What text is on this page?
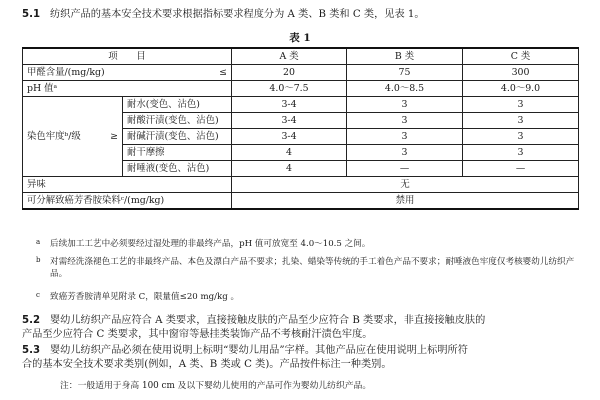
5.1 纺织产品的基本安全技术要求根据指标要求程度分为 A 类、B 类和 C 类，见表 1。
表 1
项　　目		A 类	B 类	C 类
甲醛含量/(mg/kg) ≤		20	75	300
pH 值ᵃ		4.0～7.5	4.0～8.5	4.0～9.0
染色牢度ᵇ/级 ≥	耐水(变色、沾色)	3-4	3	3
	耐酸汗渍(变色、沾色)	3-4	3	3
	耐碱汗渍(变色、沾色)	3-4	3	3
	耐干摩擦	4	3	3
	耐唾液(变色、沾色)	4	—	—
异味		无		
可分解致癌芳香胺染料ᶜ/(mg/kg)		禁用		
a 后续加工工艺中必须要经过湿处理的非最终产品，pH 值可放宽至 4.0～10.5 之间。
b 对需经洗涤褪色工艺的非最终产品、本色及漂白产品不要求；扎染、蜡染等传统的手工着色产品不要求；耐唾液色牢度仅考核婴幼儿纺织产品。
c 致癌芳香胺清单见附录 C，限量值≤20 mg/kg 。
5.2 婴幼儿纺织产品应符合 A 类要求，直接接触皮肤的产品至少应符合 B 类要求，非直接接触皮肤的
产品至少应符合 C 类要求，其中窗帘等悬挂类装饰产品不考核耐汗渍色牢度。
5.3 婴幼儿纺织产品必须在使用说明上标明“婴幼儿用品”字样。其他产品应在使用说明上标明所符
合的基本安全技术要求类别(例如，A 类、B 类或 C 类)。产品按件标注一种类别。
注：一般适用于身高 100 cm 及以下婴幼儿使用的产品可作为婴幼儿纺织产品。
